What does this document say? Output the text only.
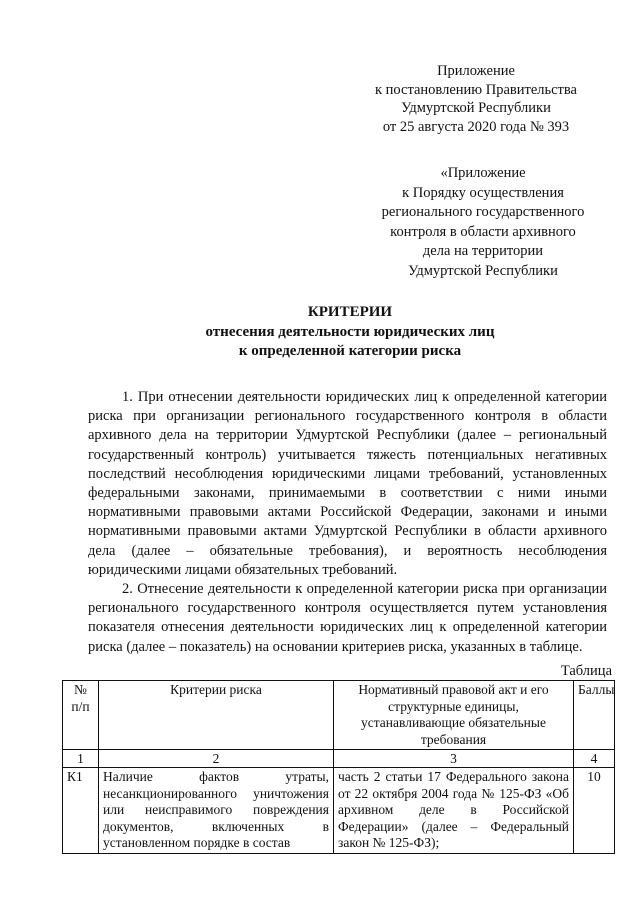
Приложение
к постановлению Правительства
Удмуртской Республики
от 25 августа 2020 года № 393
«Приложение
к Порядку осуществления
регионального государственного
контроля в области архивного
дела на территории
Удмуртской Республики
КРИТЕРИИ
отнесения деятельности юридических лиц
к определенной категории риска

1. При отнесении деятельности юридических лиц к определенной категории риска при организации регионального государственного контроля в области архивного дела на территории Удмуртской Республики (далее – региональный государственный контроль) учитывается тяжесть потенциальных негативных последствий несоблюдения юридическими лицами требований, установленных федеральными законами, принимаемыми в соответствии с ними иными нормативными правовыми актами Российской Федерации, законами и иными нормативными правовыми актами Удмуртской Республики в области архивного дела (далее – обязательные требования), и вероятность несоблюдения юридическими лицами обязательных требований.

2. Отнесение деятельности к определенной категории риска при организации регионального государственного контроля осуществляется путем установления показателя отнесения деятельности юридических лиц к определенной категории риска (далее – показатель) на основании критериев риска, указанных в таблице.

Таблица
№ п/п	Критерии риска	Нормативный правовой акт и его структурные единицы, устанавливающие обязательные требования	Баллы
1	2	3	4
К1	Наличие фактов утраты, несанкционированного уничтожения или неисправимого повреждения документов, включенных в установленном порядке в состав	часть 2 статьи 17 Федерального закона от 22 октября 2004 года № 125-ФЗ «Об архивном деле в Российской Федерации» (далее – Федеральный закон № 125-ФЗ);	10
